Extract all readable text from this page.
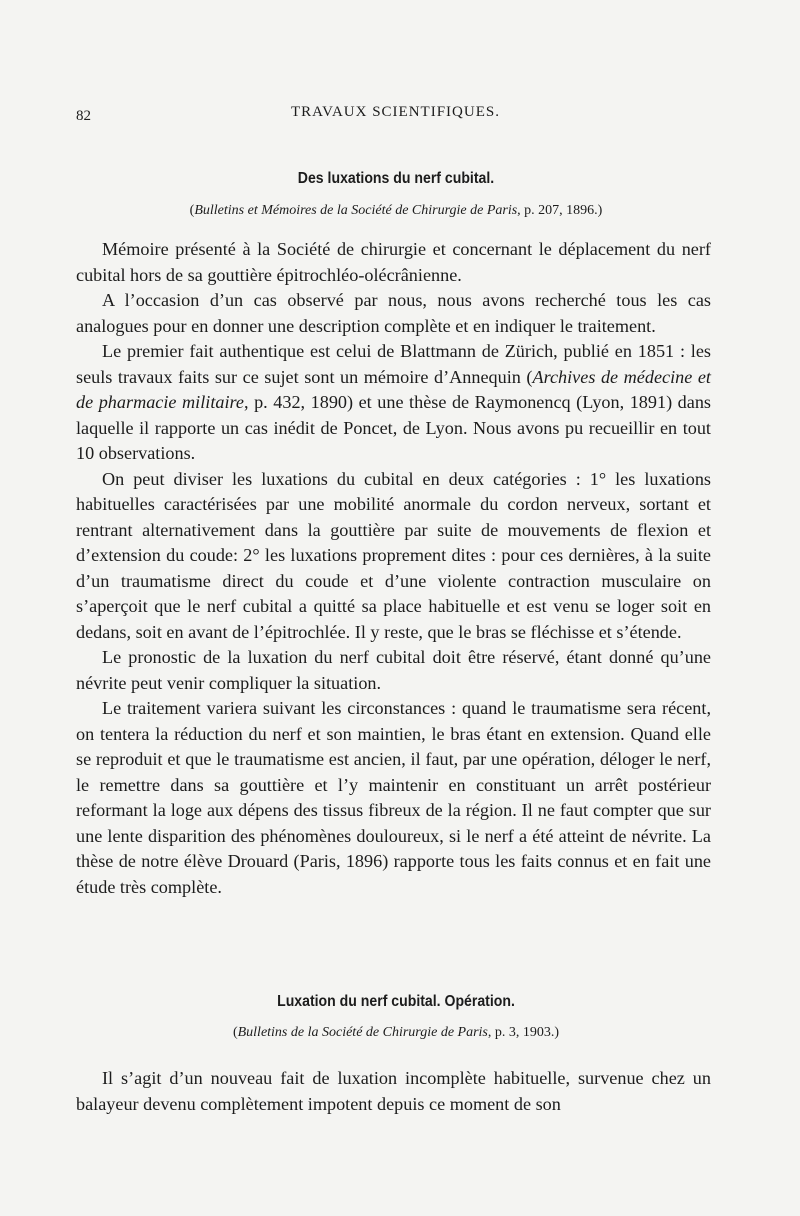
82	TRAVAUX SCIENTIFIQUES.
Des luxations du nerf cubital.
(Bulletins et Mémoires de la Société de Chirurgie de Paris, p. 207, 1896.)

Mémoire présenté à la Société de chirurgie et concernant le déplacement du nerf cubital hors de sa gouttière épitrochléo-olécrânienne.

A l’occasion d’un cas observé par nous, nous avons recherché tous les cas analogues pour en donner une description complète et en indiquer le traitement.

Le premier fait authentique est celui de Blattmann de Zürich, publié en 1851 : les seuls travaux faits sur ce sujet sont un mémoire d’Annequin (Archives de médecine et de pharmacie militaire, p. 432, 1890) et une thèse de Raymonencq (Lyon, 1891) dans laquelle il rapporte un cas inédit de Poncet, de Lyon. Nous avons pu recueillir en tout 10 observations.

On peut diviser les luxations du cubital en deux catégories : 1° les luxations habituelles caractérisées par une mobilité anormale du cordon nerveux, sortant et rentrant alternativement dans la gouttière par suite de mouvements de flexion et d’extension du coude: 2° les luxations proprement dites : pour ces dernières, à la suite d’un traumatisme direct du coude et d’une violente contraction musculaire on s’aperçoit que le nerf cubital a quitté sa place habituelle et est venu se loger soit en dedans, soit en avant de l’épitrochlée. Il y reste, que le bras se fléchisse et s’étende.

Le pronostic de la luxation du nerf cubital doit être réservé, étant donné qu’une névrite peut venir compliquer la situation.

Le traitement variera suivant les circonstances : quand le traumatisme sera récent, on tentera la réduction du nerf et son maintien, le bras étant en extension. Quand elle se reproduit et que le traumatisme est ancien, il faut, par une opération, déloger le nerf, le remettre dans sa gouttière et l’y maintenir en constituant un arrêt postérieur reformant la loge aux dépens des tissus fibreux de la région. Il ne faut compter que sur une lente disparition des phénomènes douloureux, si le nerf a été atteint de névrite. La thèse de notre élève Drouard (Paris, 1896) rapporte tous les faits connus et en fait une étude très complète.

Luxation du nerf cubital. Opération.
(Bulletins de la Société de Chirurgie de Paris, p. 3, 1903.)

Il s’agit d’un nouveau fait de luxation incomplète habituelle, survenue chez un balayeur devenu complètement impotent depuis ce moment de son
